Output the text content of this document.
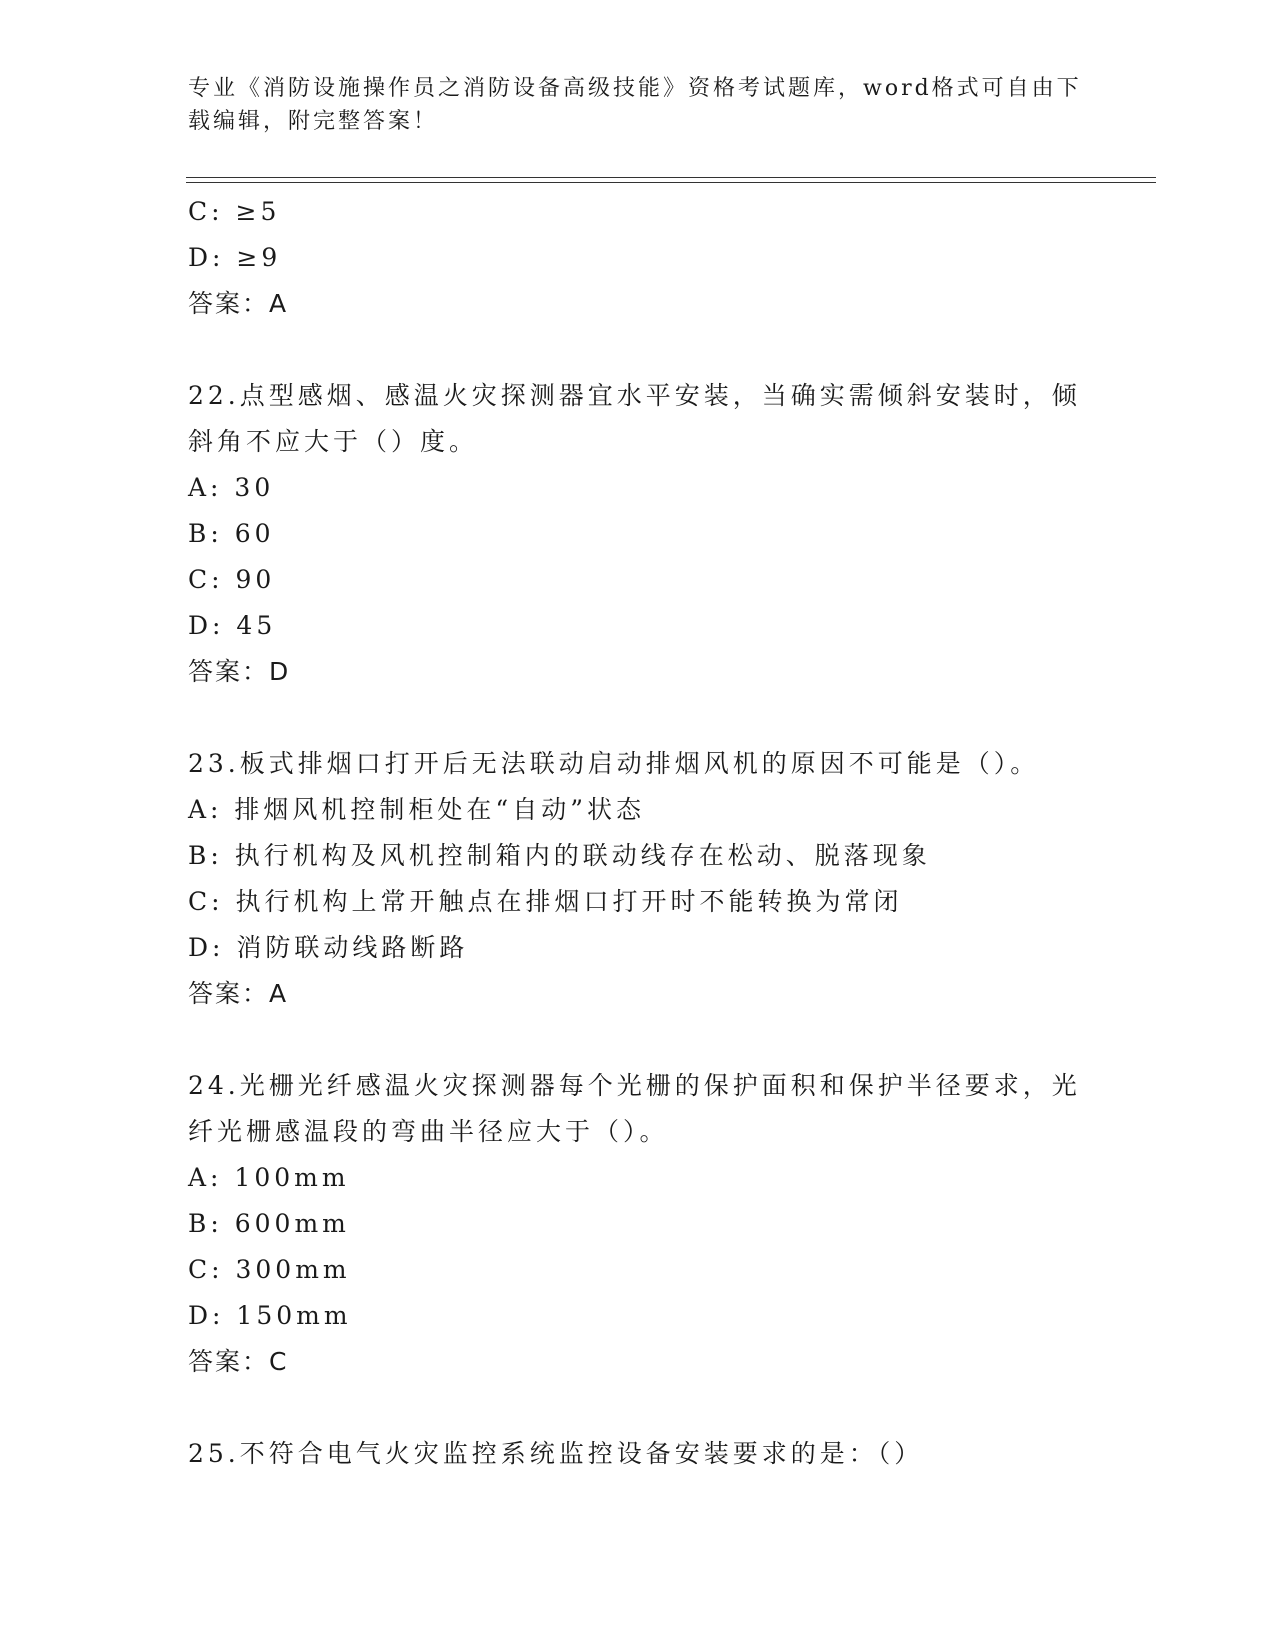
专业《消防设施操作员之消防设备高级技能》资格考试题库，word格式可自由下
载编辑，附完整答案！
C: ≥5
D: ≥9
答案：A
22.点型感烟、感温火灾探测器宜水平安装，当确实需倾斜安装时，倾
斜角不应大于（）度。
A: 30
B: 60
C: 90
D: 45
答案：D
23.板式排烟口打开后无法联动启动排烟风机的原因不可能是（）。
A: 排烟风机控制柜处在“自动”状态
B: 执行机构及风机控制箱内的联动线存在松动、脱落现象
C: 执行机构上常开触点在排烟口打开时不能转换为常闭
D: 消防联动线路断路
答案：A
24.光栅光纤感温火灾探测器每个光栅的保护面积和保护半径要求，光
纤光栅感温段的弯曲半径应大于（）。
A: 100mm
B: 600mm
C: 300mm
D: 150mm
答案：C
25.不符合电气火灾监控系统监控设备安装要求的是：（）
